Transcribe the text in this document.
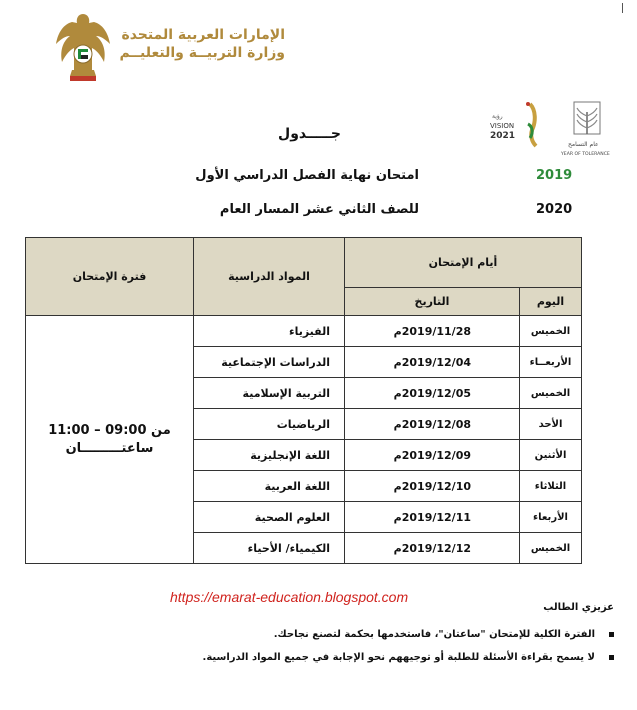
الإمارات العربية المتحدة
وزارة التربيــة والتعليــم
رؤية
VISION
2021
عام التسامح
YEAR OF TOLERANCE
جـــــدول
امتحان نهاية الفصل الدراسي الأول
للصف الثاني عشر المسار العام
2019
2020
أيام الإمتحان		المواد الدراسية	فترة الإمتحان
اليوم	التاريخ		
الخميس	2019/11/28م	الفيزياء	من 09:00 – 11:00
ساعتـــــــــان

الأربعــاء	2019/12/04م	الدراسات الإجتماعية	
الخميس	2019/12/05م	التربية الإسلامية	
الأحد	2019/12/08م	الرياضيات	
الأثنين	2019/12/09م	اللغة الإنجليزية	
الثلاثاء	2019/12/10م	اللغة العربية	
الأربعاء	2019/12/11م	العلوم الصحية	
الخميس	2019/12/12م	الكيمياء/ الأحياء	
https://emarat-education.blogspot.com
عزيزي الطالب
الفترة الكلية للإمتحان "ساعتان"، فاستخدمها بحكمة لتصنع نجاحك.
لا يسمح بقراءة الأسئلة للطلبة أو توجيههم نحو الإجابة في جميع المواد الدراسية.
